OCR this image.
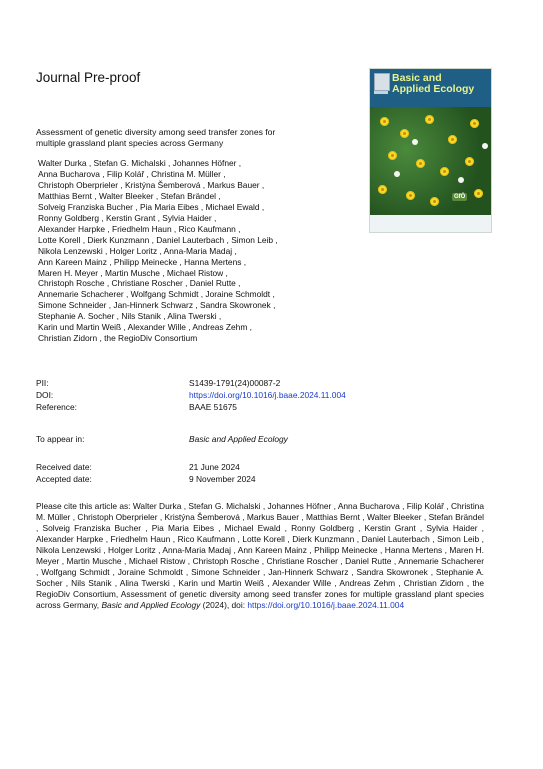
Journal Pre-proof
Assessment of genetic diversity among seed transfer zones for
multiple grassland plant species across Germany
Walter Durka , Stefan G. Michalski , Johannes Höfner ,
Anna Bucharova , Filip Kolář , Christina M. Müller ,
Christoph Oberprieler , Kristýna Šemberová , Markus Bauer ,
Matthias Bernt , Walter Bleeker , Stefan Brändel ,
Solveig Franziska Bucher , Pia Maria Eibes , Michael Ewald ,
Ronny Goldberg , Kerstin Grant , Sylvia Haider ,
Alexander Harpke , Friedhelm Haun , Rico Kaufmann ,
Lotte Korell , Dierk Kunzmann , Daniel Lauterbach , Simon Leib ,
Nikola Lenzewski , Holger Loritz , Anna-Maria Madaj ,
Ann Kareen Mainz , Philipp Meinecke , Hanna Mertens ,
Maren H. Meyer , Martin Musche , Michael Ristow ,
Christoph Rosche , Christiane Roscher , Daniel Rutte ,
Annemarie Schacherer , Wolfgang Schmidt , Joraine Schmoldt ,
Simone Schneider , Jan-Hinnerk Schwarz , Sandra Skowronek ,
Stephanie A. Socher , Nils Stanik , Alina Twerski ,
Karin und Martin Weiß , Alexander Wille , Andreas Zehm ,
Christian Zidorn , the RegioDiv Consortium
PII:	S1439-1791(24)00087-2
DOI:	https://doi.org/10.1016/j.baae.2024.11.004
Reference:	BAAE 51675
To appear in:	Basic and Applied Ecology
Received date:	21 June 2024
Accepted date:	9 November 2024
Please cite this article as: Walter Durka , Stefan G. Michalski , Johannes Höfner , Anna Bucharova , Filip Kolář , Christina M. Müller , Christoph Oberprieler , Kristýna Šemberová , Markus Bauer , Matthias Bernt , Walter Bleeker , Stefan Brändel , Solveig Franziska Bucher , Pia Maria Eibes , Michael Ewald , Ronny Goldberg , Kerstin Grant , Sylvia Haider , Alexander Harpke , Friedhelm Haun , Rico Kaufmann , Lotte Korell , Dierk Kunzmann , Daniel Lauterbach , Simon Leib , Nikola Lenzewski , Holger Loritz , Anna-Maria Madaj , Ann Kareen Mainz , Philipp Meinecke , Hanna Mertens , Maren H. Meyer , Martin Musche , Michael Ristow , Christoph Rosche , Christiane Roscher , Daniel Rutte , Annemarie Schacherer , Wolfgang Schmidt , Joraine Schmoldt , Simone Schneider , Jan-Hinnerk Schwarz , Sandra Skowronek , Stephanie A. Socher , Nils Stanik , Alina Twerski , Karin und Martin Weiß , Alexander Wille , Andreas Zehm , Christian Zidorn , the RegioDiv Consortium, Assessment of genetic diversity among seed transfer zones for multiple grassland plant species across Germany, Basic and Applied Ecology (2024), doi: https://doi.org/10.1016/j.baae.2024.11.004
Basic and
Applied Ecology
GfÖ
